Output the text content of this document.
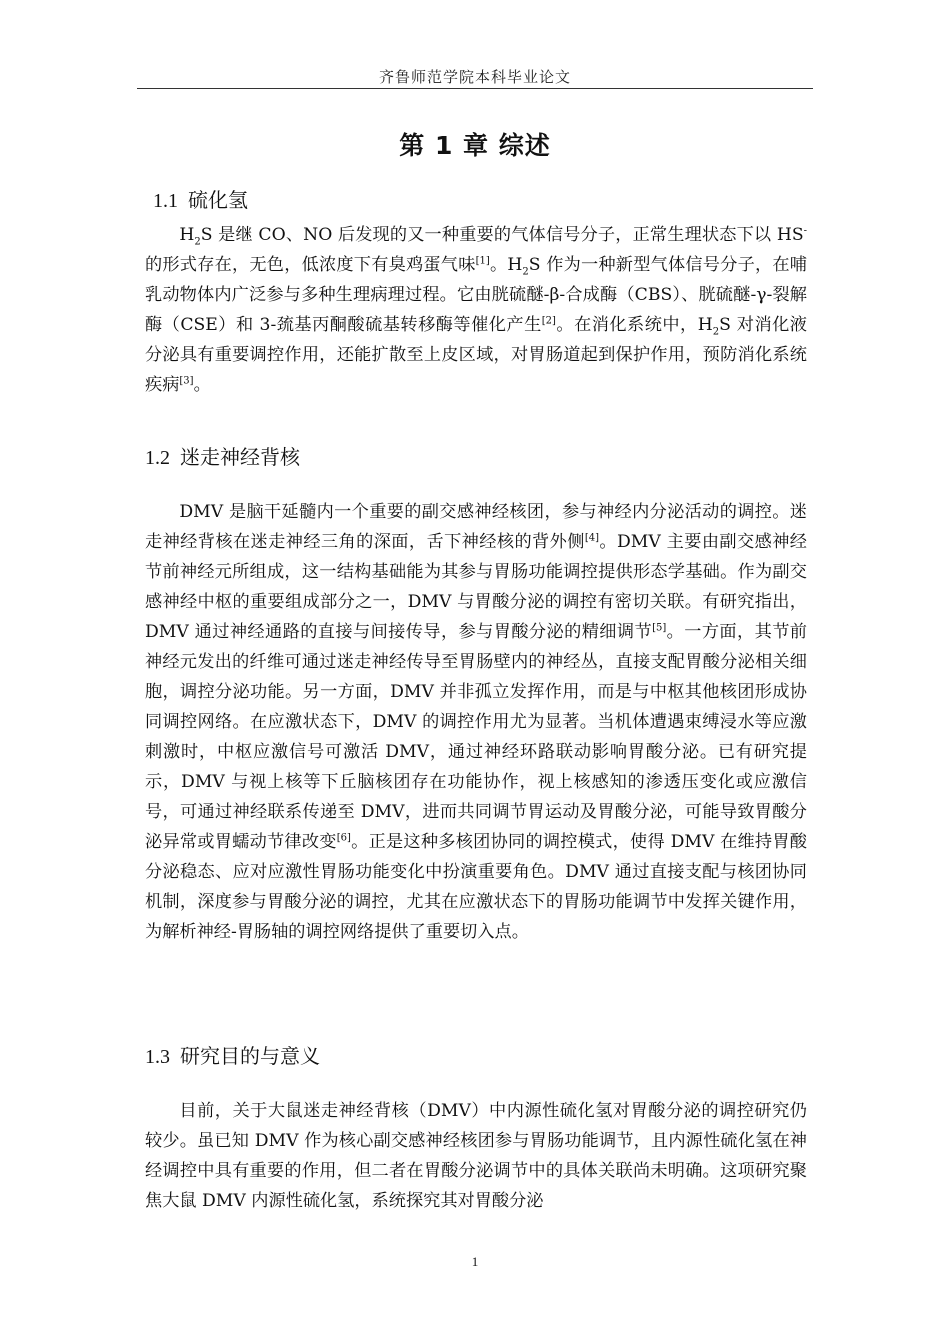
齐鲁师范学院本科毕业论文
第 1 章 综述
1.1 硫化氢

$H_2S$ 是继 CO、NO 后发现的又一种重要的气体信号分子，正常生理状态下以 HS-的形式存在，无色，低浓度下有臭鸡蛋气味[1]。$H_2S$ 作为一种新型气体信号分子，在哺乳动物体内广泛参与多种生理病理过程。它由胱硫醚-β-合成酶（CBS）、胱硫醚-γ-裂解酶（CSE）和 3-巯基丙酮酸硫基转移酶等催化产生[2]。在消化系统中，$H_2S$ 对消化液分泌具有重要调控作用，还能扩散至上皮区域，对胃肠道起到保护作用，预防消化系统疾病[3]。

1.2 迷走神经背核

DMV 是脑干延髓内一个重要的副交感神经核团，参与神经内分泌活动的调控。迷走神经背核在迷走神经三角的深面，舌下神经核的背外侧[4]。DMV 主要由副交感神经节前神经元所组成，这一结构基础能为其参与胃肠功能调控提供形态学基础。作为副交感神经中枢的重要组成部分之一，DMV 与胃酸分泌的调控有密切关联。有研究指出，DMV 通过神经通路的直接与间接传导，参与胃酸分泌的精细调节[5]。一方面，其节前神经元发出的纤维可通过迷走神经传导至胃肠壁内的神经丛，直接支配胃酸分泌相关细胞，调控分泌功能。另一方面，DMV 并非孤立发挥作用，而是与中枢其他核团形成协同调控网络。在应激状态下，DMV 的调控作用尤为显著。当机体遭遇束缚浸水等应激刺激时，中枢应激信号可激活 DMV，通过神经环路联动影响胃酸分泌。已有研究提示，DMV 与视上核等下丘脑核团存在功能协作，视上核感知的渗透压变化或应激信号，可通过神经联系传递至 DMV，进而共同调节胃运动及胃酸分泌，可能导致胃酸分泌异常或胃蠕动节律改变[6]。正是这种多核团协同的调控模式，使得 DMV 在维持胃酸分泌稳态、应对应激性胃肠功能变化中扮演重要角色。DMV 通过直接支配与核团协同机制，深度参与胃酸分泌的调控，尤其在应激状态下的胃肠功能调节中发挥关键作用，为解析神经-胃肠轴的调控网络提供了重要切入点。

1.3 研究目的与意义

目前，关于大鼠迷走神经背核（DMV）中内源性硫化氢对胃酸分泌的调控研究仍较少。虽已知 DMV 作为核心副交感神经核团参与胃肠功能调节，且内源性硫化氢在神经调控中具有重要的作用，但二者在胃酸分泌调节中的具体关联尚未明确。这项研究聚焦大鼠 DMV 内源性硫化氢，系统探究其对胃酸分泌

1
